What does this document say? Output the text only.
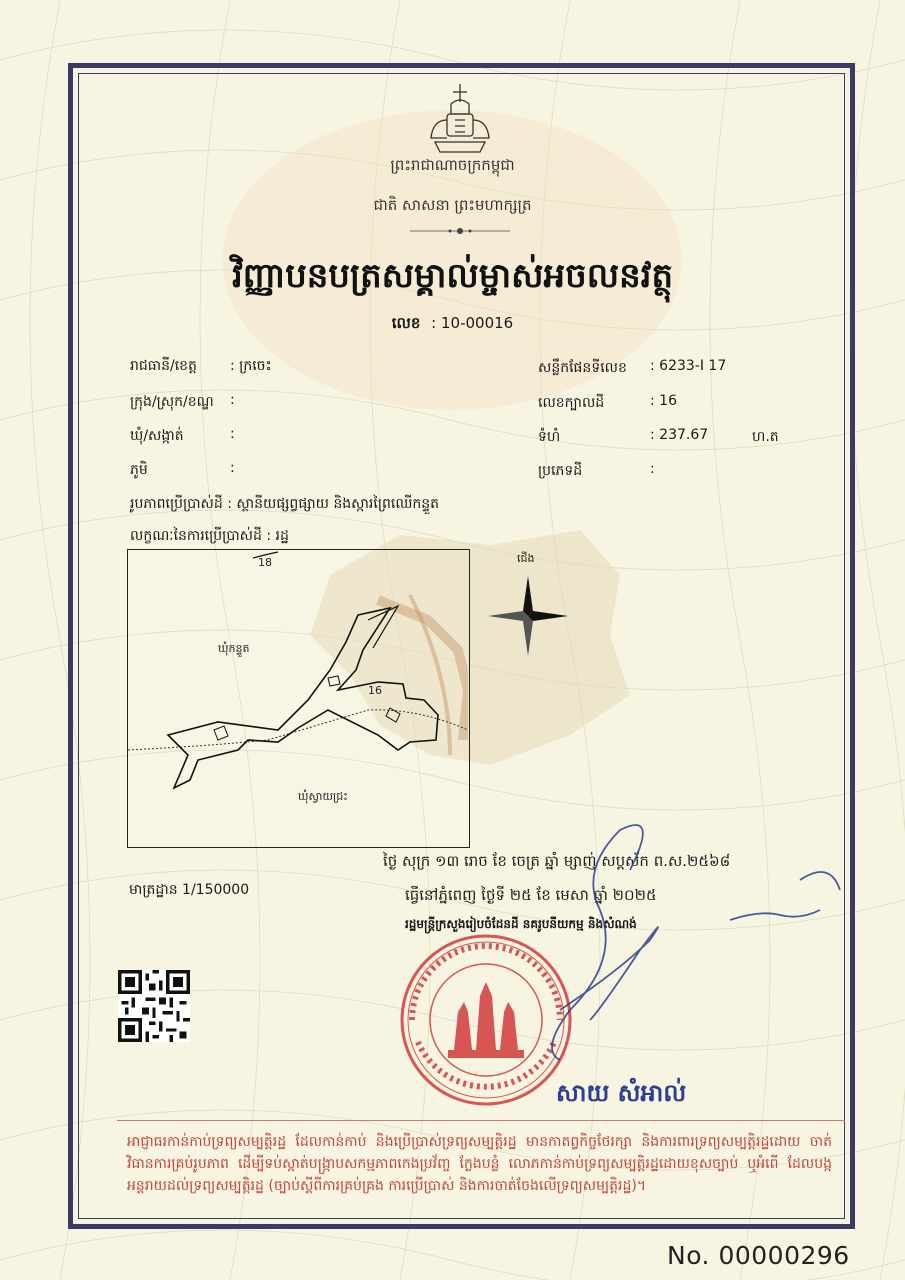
ព្រះរាជាណាចក្រកម្ពុជា
ជាតិ សាសនា ព្រះមហាក្សត្រ
វិញ្ញាបនបត្រសម្គាល់ម្ចាស់អចលនវត្ថុ
លេខ : 10-00016
រាជធានី/ខេត្ត : ក្រចេះ
ក្រុង/ស្រុក/ខណ្ឌ :
ឃុំ/សង្កាត់	:
ភូមិ	:
សន្លឹកផែនទីលេខ : 6233-I 17
លេខក្បាលដី	: 16
ទំហំ	: 237.67	ហ.ត
ប្រភេទដី	:
រូបភាពប្រើប្រាស់ដី : ស្ថានីយផ្សព្វផ្សាយ និងស្ការព្រៃឈើកន្ទួត
លក្ខណៈនៃការប្រើប្រាស់ដី : រដ្ឋ
18
ឃុំកន្ទួត
16
ឃុំស្វាយជ្រះ
ជើង
មាត្រដ្ឋាន 1/150000
ថ្ងៃ សុក្រ ១៣ រោច ខែ ចេត្រ ឆ្នាំ ម្សាញ់ សប្តស័ក ព.ស.២៥៦៨
ធ្វើនៅភ្នំពេញ ថ្ងៃទី ២៥ ខែ មេសា ឆ្នាំ ២០២៥
រដ្ឋមន្ត្រីក្រសួងរៀបចំដែនដី នគរូបនីយកម្ម និងសំណង់
សាយ សំអាល់
អាជ្ញាធរកាន់កាប់ទ្រព្យសម្បត្តិរដ្ឋ ដែលកាន់កាប់ និងប្រើប្រាស់ទ្រព្យសម្បត្តិរដ្ឋ មានកាតព្វកិច្ចថែរក្សា និងការពារទ្រព្យសម្បត្តិរដ្ឋដោយ ចាត់វិធានការគ្រប់រូបភាព ដើម្បីទប់ស្កាត់បង្ក្រាបសកម្មភាពកេងប្រវ័ញ្ច ក្លែងបន្លំ លោភកាន់កាប់ទ្រព្យសម្បត្តិរដ្ឋដោយខុសច្បាប់ ឬអំពើ ដែលបង្កអន្តរាយដល់ទ្រព្យសម្បត្តិរដ្ឋ (ច្បាប់ស្តីពីការគ្រប់គ្រង ការប្រើប្រាស់ និងការចាត់ចែងលើទ្រព្យសម្បត្តិរដ្ឋ)។
No. 00000296
